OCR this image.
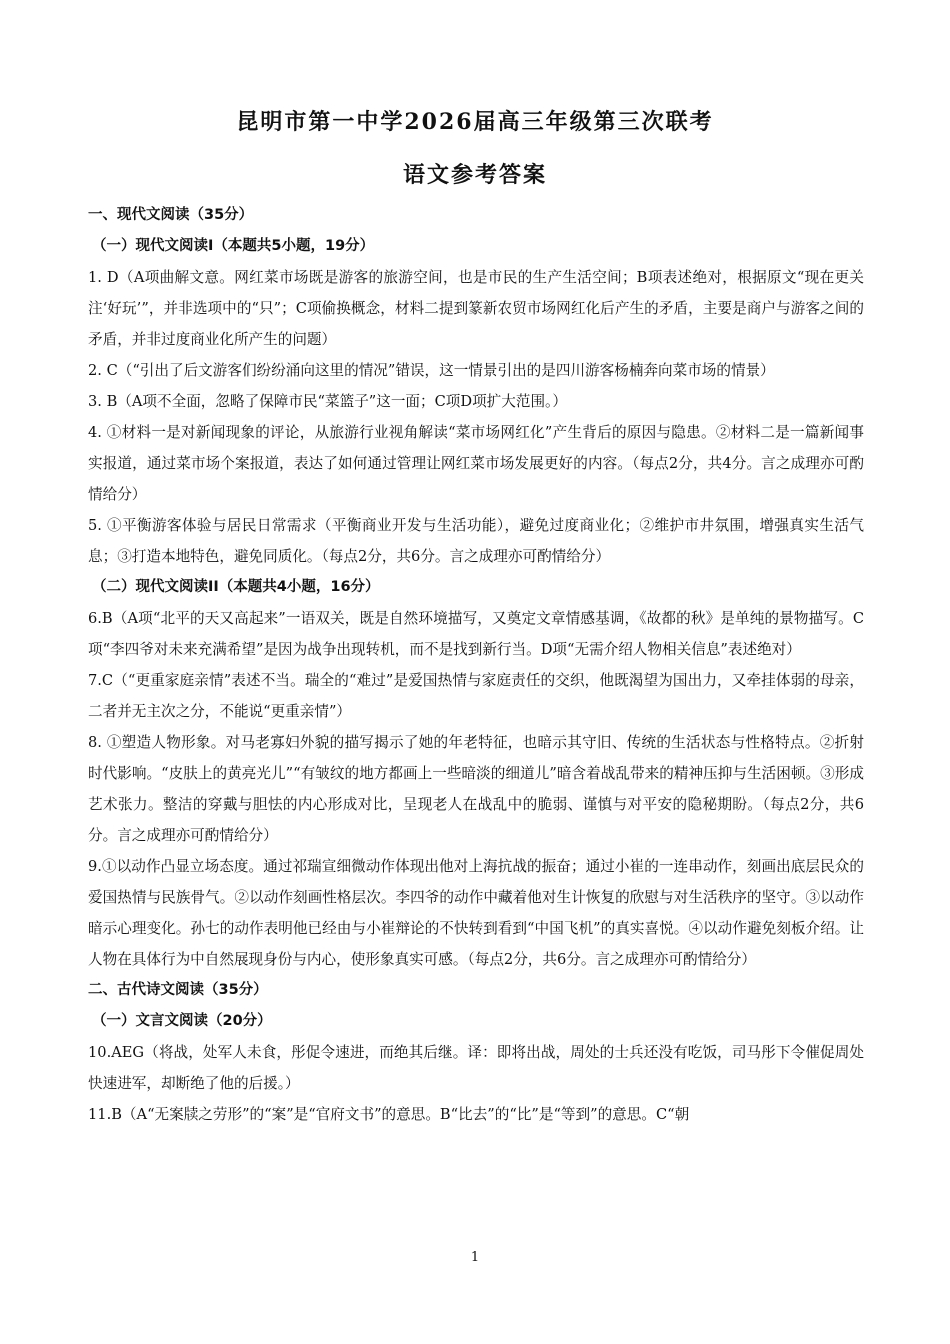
昆明市第一中学2026届高三年级第三次联考
语文参考答案

一、现代文阅读（35分）

（一）现代文阅读Ⅰ（本题共5小题，19分）

1. D（A项曲解文意。网红菜市场既是游客的旅游空间，也是市民的生产生活空间；B项表述绝对，根据原文“现在更关注‘好玩’”，并非选项中的“只”；C项偷换概念，材料二提到篆新农贸市场网红化后产生的矛盾，主要是商户与游客之间的矛盾，并非过度商业化所产生的问题）

2. C（“引出了后文游客们纷纷涌向这里的情况”错误，这一情景引出的是四川游客杨楠奔向菜市场的情景）

3. B（A项不全面，忽略了保障市民“菜篮子”这一面；C项D项扩大范围。）

4. ①材料一是对新闻现象的评论，从旅游行业视角解读“菜市场网红化”产生背后的原因与隐患。②材料二是一篇新闻事实报道，通过菜市场个案报道，表达了如何通过管理让网红菜市场发展更好的内容。（每点2分，共4分。言之成理亦可酌情给分）

5. ①平衡游客体验与居民日常需求（平衡商业开发与生活功能），避免过度商业化；②维护市井氛围，增强真实生活气息；③打造本地特色，避免同质化。（每点2分，共6分。言之成理亦可酌情给分）

（二）现代文阅读II（本题共4小题，16分）

6.B（A项“北平的天又高起来”一语双关，既是自然环境描写，又奠定文章情感基调，《故都的秋》是单纯的景物描写。C项“李四爷对未来充满希望”是因为战争出现转机，而不是找到新行当。D项“无需介绍人物相关信息”表述绝对）

7.C（“更重家庭亲情”表述不当。瑞全的“难过”是爱国热情与家庭责任的交织，他既渴望为国出力，又牵挂体弱的母亲，二者并无主次之分，不能说“更重亲情”）

8. ①塑造人物形象。对马老寡妇外貌的描写揭示了她的年老特征，也暗示其守旧、传统的生活状态与性格特点。②折射时代影响。“皮肤上的黄亮光儿”“有皱纹的地方都画上一些暗淡的细道儿”暗含着战乱带来的精神压抑与生活困顿。③形成艺术张力。整洁的穿戴与胆怯的内心形成对比，呈现老人在战乱中的脆弱、谨慎与对平安的隐秘期盼。（每点2分，共6分。言之成理亦可酌情给分）

9.①以动作凸显立场态度。通过祁瑞宣细微动作体现出他对上海抗战的振奋；通过小崔的一连串动作，刻画出底层民众的爱国热情与民族骨气。②以动作刻画性格层次。李四爷的动作中藏着他对生计恢复的欣慰与对生活秩序的坚守。③以动作暗示心理变化。孙七的动作表明他已经由与小崔辩论的不快转到看到“中国飞机”的真实喜悦。④以动作避免刻板介绍。让人物在具体行为中自然展现身份与内心，使形象真实可感。（每点2分，共6分。言之成理亦可酌情给分）

二、古代诗文阅读（35分）

（一）文言文阅读（20分）

10.AEG（将战，处军人未食，彤促令速进，而绝其后继。译：即将出战，周处的士兵还没有吃饭，司马彤下令催促周处快速进军，却断绝了他的后援。）

11.B（A“无案牍之劳形”的“案”是“官府文书”的意思。B“比去”的“比”是“等到”的意思。C“朝

1
